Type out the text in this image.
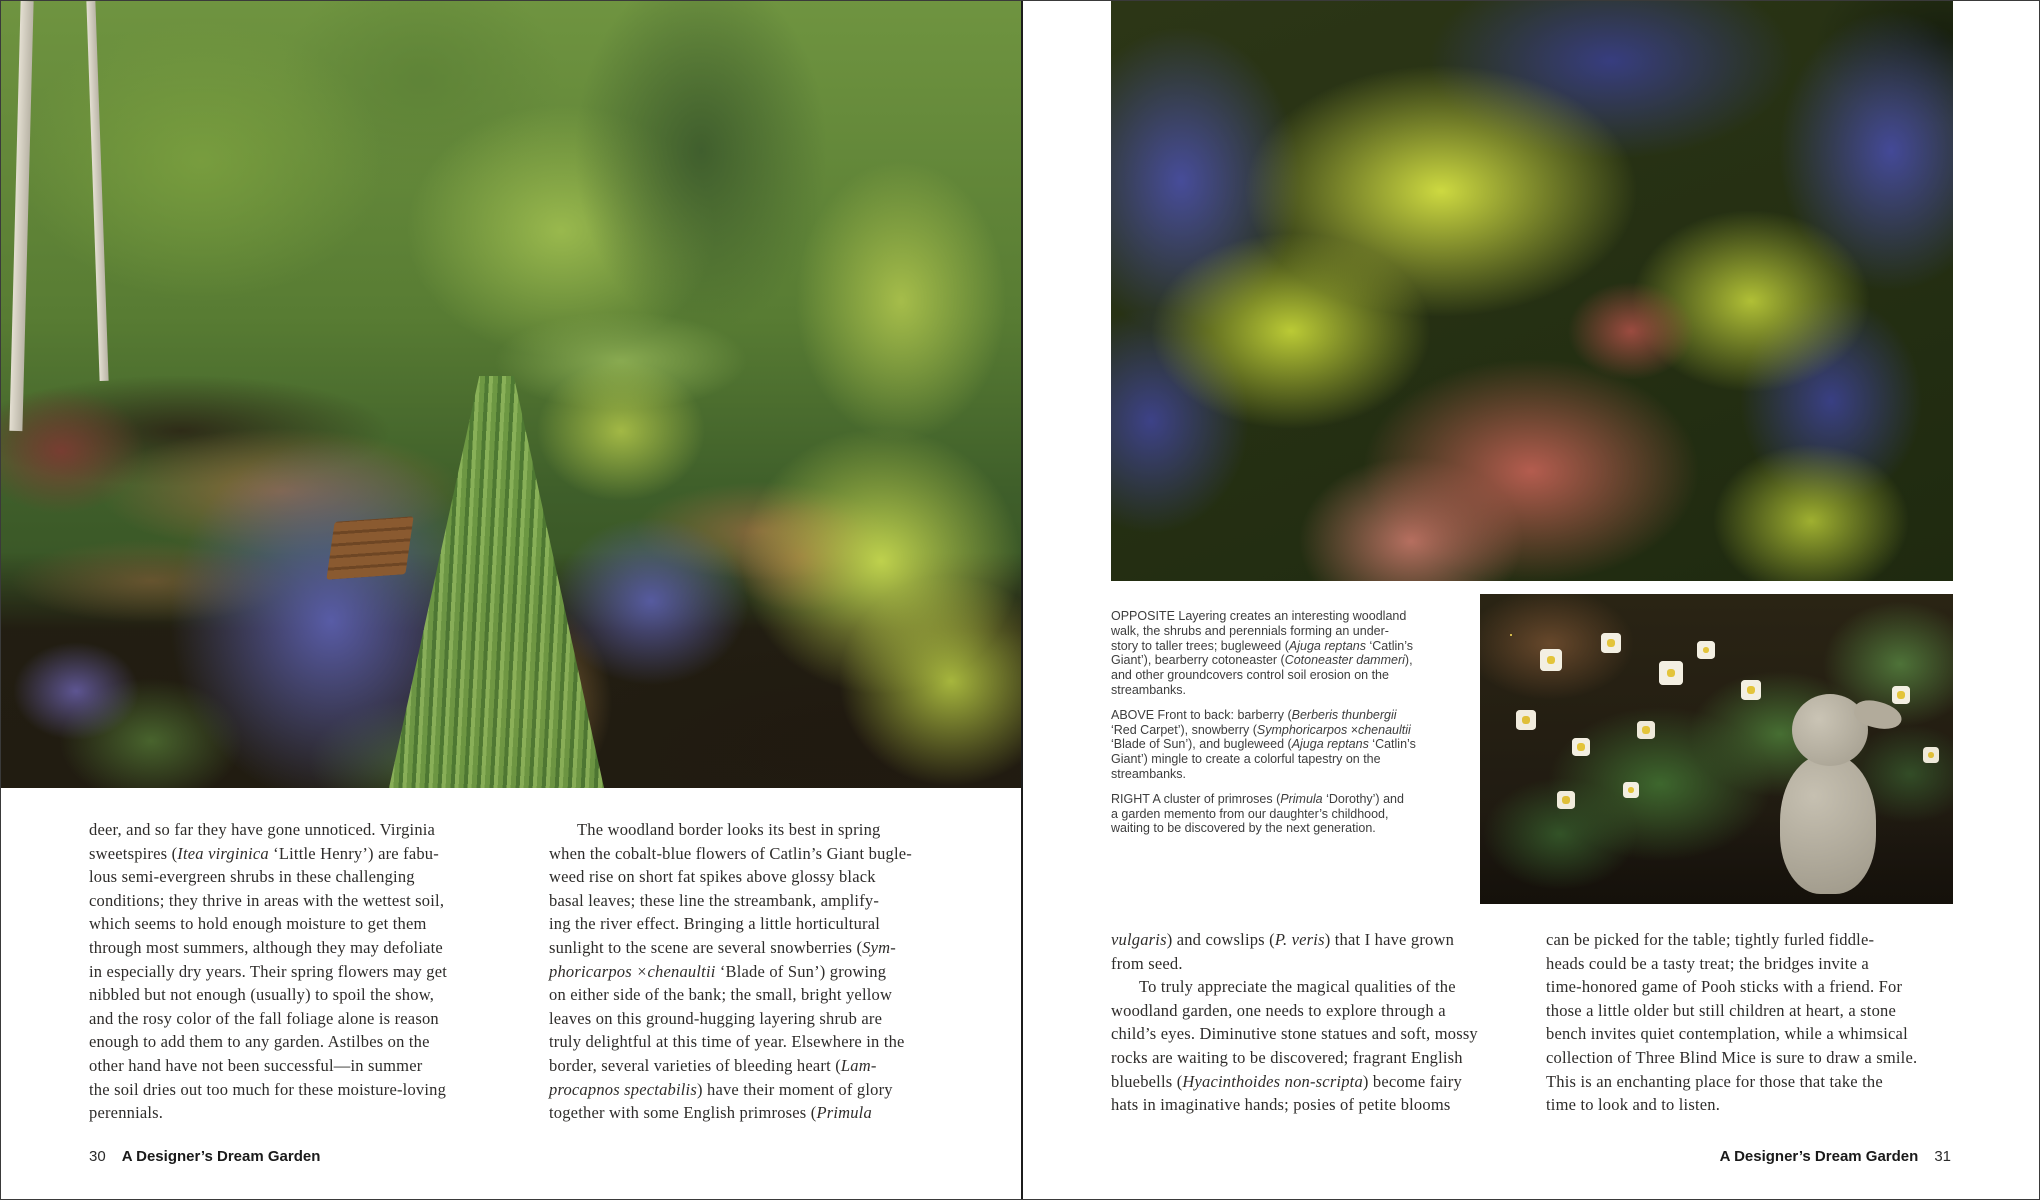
deer, and so far they have gone unnoticed. Virginia
sweetspires (Itea virginica ‘Little Henry’) are fabu-
lous semi-evergreen shrubs in these challenging
conditions; they thrive in areas with the wettest soil,
which seems to hold enough moisture to get them
through most summers, although they may defoliate
in especially dry years. Their spring flowers may get
nibbled but not enough (usually) to spoil the show,
and the rosy color of the fall foliage alone is reason
enough to add them to any garden. Astilbes on the
other hand have not been successful—in summer
the soil dries out too much for these moisture-loving
perennials.
The woodland border looks its best in spring
when the cobalt-blue flowers of Catlin’s Giant bugle-
weed rise on short fat spikes above glossy black
basal leaves; these line the streambank, amplify-
ing the river effect. Bringing a little horticultural
sunlight to the scene are several snowberries (Sym-
phoricarpos ×chenaultii ‘Blade of Sun’) growing
on either side of the bank; the small, bright yellow
leaves on this ground-hugging layering shrub are
truly delightful at this time of year. Elsewhere in the
border, several varieties of bleeding heart (Lam-
procapnos spectabilis) have their moment of glory
together with some English primroses (Primula
30 A Designer’s Dream Garden
OPPOSITE Layering creates an interesting woodland
walk, the shrubs and perennials forming an under-
story to taller trees; bugleweed (Ajuga reptans ‘Catlin’s
Giant’), bearberry cotoneaster (Cotoneaster dammeri),
and other groundcovers control soil erosion on the
streambanks.
ABOVE Front to back: barberry (Berberis thunbergii
‘Red Carpet’), snowberry (Symphoricarpos ×chenaultii
‘Blade of Sun’), and bugleweed (Ajuga reptans ‘Catlin’s
Giant’) mingle to create a colorful tapestry on the
streambanks.
RIGHT A cluster of primroses (Primula ‘Dorothy’) and
a garden memento from our daughter’s childhood,
waiting to be discovered by the next generation.
vulgaris) and cowslips (P. veris) that I have grown
from seed.
To truly appreciate the magical qualities of the
woodland garden, one needs to explore through a
child’s eyes. Diminutive stone statues and soft, mossy
rocks are waiting to be discovered; fragrant English
bluebells (Hyacinthoides non-scripta) become fairy
hats in imaginative hands; posies of petite blooms
can be picked for the table; tightly furled fiddle-
heads could be a tasty treat; the bridges invite a
time-honored game of Pooh sticks with a friend. For
those a little older but still children at heart, a stone
bench invites quiet contemplation, while a whimsical
collection of Three Blind Mice is sure to draw a smile.
This is an enchanting place for those that take the
time to look and to listen.
A Designer’s Dream Garden 31
